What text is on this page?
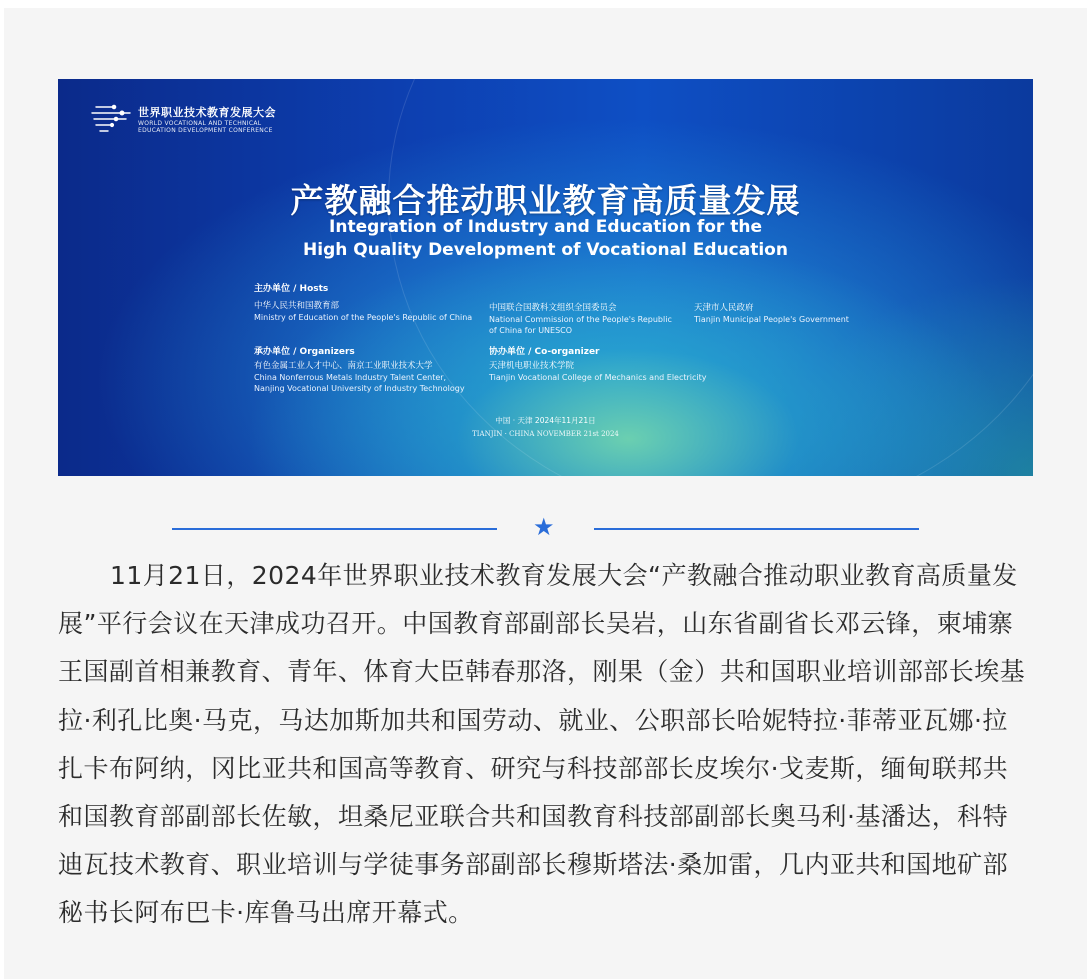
世界职业技术教育发展大会
WORLD VOCATIONAL AND TECHNICAL
EDUCATION DEVELOPMENT CONFERENCE
产教融合推动职业教育高质量发展
Integration of Industry and Education for the
High Quality Development of Vocational Education
主办单位 / Hosts
中华人民共和国教育部
Ministry of Education of the People's Republic of China
中国联合国教科文组织全国委员会
National Commission of the People's Republic
of China for UNESCO
天津市人民政府
Tianjin Municipal People's Government
承办单位 / Organizers
有色金属工业人才中心、南京工业职业技术大学
China Nonferrous Metals Industry Talent Center,
Nanjing Vocational University of Industry Technology
协办单位 / Co-organizer
天津机电职业技术学院
Tianjin Vocational College of Mechanics and Electricity
中国 · 天津 2024年11月21日
TIANJIN · CHINA NOVEMBER 21st 2024
★
11月21日，2024年世界职业技术教育发展大会“产教融合推动职业教育高质量发展”平行会议在天津成功召开。中国教育部副部长吴岩，山东省副省长邓云锋，柬埔寨王国副首相兼教育、青年、体育大臣韩春那洛，刚果（金）共和国职业培训部部长埃基拉·利孔比奥·马克，马达加斯加共和国劳动、就业、公职部长哈妮特拉·菲蒂亚瓦娜·拉扎卡布阿纳，冈比亚共和国高等教育、研究与科技部部长皮埃尔·戈麦斯，缅甸联邦共和国教育部副部长佐敏，坦桑尼亚联合共和国教育科技部副部长奥马利·基潘达，科特迪瓦技术教育、职业培训与学徒事务部副部长穆斯塔法·桑加雷，几内亚共和国地矿部秘书长阿布巴卡·库鲁马出席开幕式。
